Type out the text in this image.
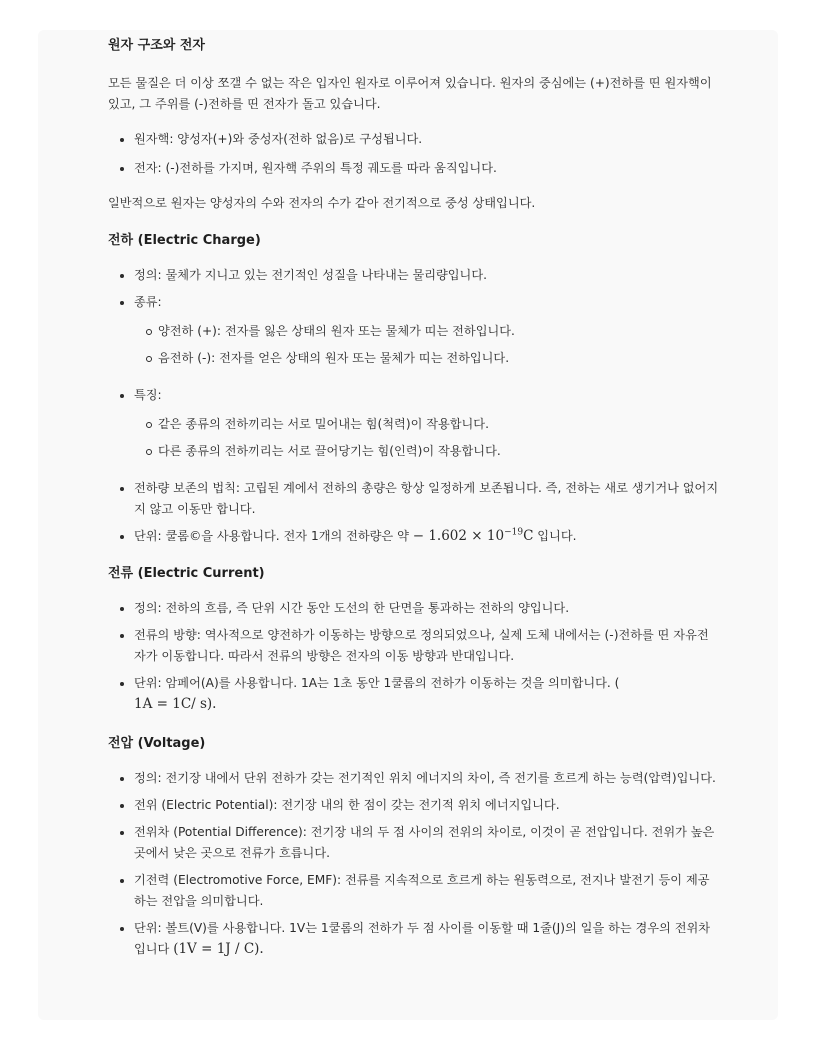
원자 구조와 전자

모든 물질은 더 이상 쪼갤 수 없는 작은 입자인 원자로 이루어져 있습니다. 원자의 중심에는 (+)전하를 띤 원자핵이 있고, 그 주위를 (-)전하를 띤 전자가 돌고 있습니다.

원자핵: 양성자(+)와 중성자(전하 없음)로 구성됩니다.
전자: (-)전하를 가지며, 원자핵 주위의 특정 궤도를 따라 움직입니다.

일반적으로 원자는 양성자의 수와 전자의 수가 같아 전기적으로 중성 상태입니다.

전하 (Electric Charge)
정의: 물체가 지니고 있는 전기적인 성질을 나타내는 물리량입니다.
종류:
양전하 (+): 전자를 잃은 상태의 원자 또는 물체가 띠는 전하입니다.
음전하 (-): 전자를 얻은 상태의 원자 또는 물체가 띠는 전하입니다.
특징:
같은 종류의 전하끼리는 서로 밀어내는 힘(척력)이 작용합니다.
다른 종류의 전하끼리는 서로 끌어당기는 힘(인력)이 작용합니다.
전하량 보존의 법칙: 고립된 계에서 전하의 총량은 항상 일정하게 보존됩니다. 즉, 전하는 새로 생기거나 없어지지 않고 이동만 합니다.
단위: 쿨롬©을 사용합니다. 전자 1개의 전하량은 약 − $1.602 \times 10^{-19}C$ 입니다.
전류 (Electric Current)
정의: 전하의 흐름, 즉 단위 시간 동안 도선의 한 단면을 통과하는 전하의 양입니다.
전류의 방향: 역사적으로 양전하가 이동하는 방향으로 정의되었으나, 실제 도체 내에서는 (-)전하를 띤 자유전자가 이동합니다. 따라서 전류의 방향은 전자의 이동 방향과 반대입니다.
단위: 암페어(A)를 사용합니다. 1A는 1초 동안 1쿨롬의 전하가 이동하는 것을 의미합니다. (
1A = 1C/ s).
전압 (Voltage)
정의: 전기장 내에서 단위 전하가 갖는 전기적인 위치 에너지의 차이, 즉 전기를 흐르게 하는 능력(압력)입니다.
전위 (Electric Potential): 전기장 내의 한 점이 갖는 전기적 위치 에너지입니다.
전위차 (Potential Difference): 전기장 내의 두 점 사이의 전위의 차이로, 이것이 곧 전압입니다. 전위가 높은 곳에서 낮은 곳으로 전류가 흐릅니다.
기전력 (Electromotive Force, EMF): 전류를 지속적으로 흐르게 하는 원동력으로, 전지나 발전기 등이 제공하는 전압을 의미합니다.
단위: 볼트(V)를 사용합니다. 1V는 1쿨롬의 전하가 두 점 사이를 이동할 때 1줄(J)의 일을 하는 경우의 전위차입니다 (1V = 1J / C).
